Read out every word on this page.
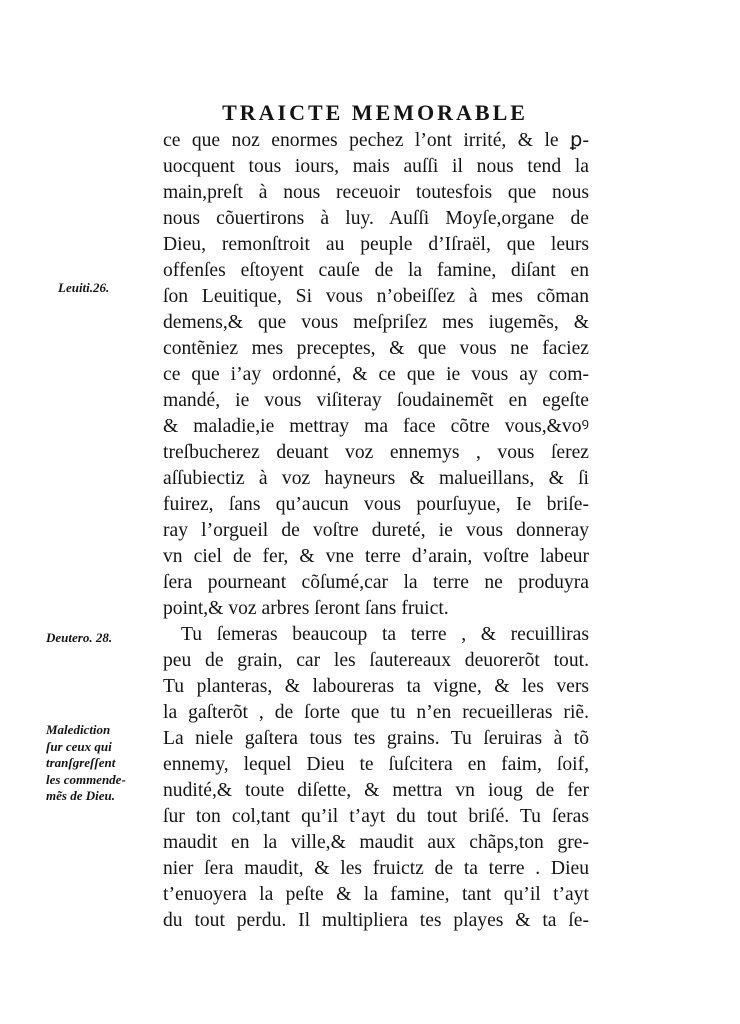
TRAICTE MEMORABLE
ce que noz enormes pechez l’ont irrité, & le ꝑ-
uocquent tous iours, mais auſſi il nous tend la
main,preſt à nous receuoir toutesfois que nous
nous cõuertirons à luy. Auſſi Moyſe,organe de
Dieu, remonſtroit au peuple d’Iſraël, que leurs
offenſes eſtoyent cauſe de la famine, diſant en
ſon Leuitique, Si vous n’obeiſſez à mes cõman
demens,& que vous meſpriſez mes iugemẽs, &
contẽniez mes preceptes, & que vous ne faciez
ce que i’ay ordonné, & ce que ie vous ay com-
mandé, ie vous viſiteray ſoudainemẽt en egeſte
& maladie,ie mettray ma face cõtre vous,&voꝰ
treſbucherez deuant voz ennemys , vous ſerez
aſſubiectiz à voz hayneurs & malueillans, & ſi
fuirez, ſans qu’aucun vous pourſuyue, Ie briſe-
ray l’orgueil de voſtre dureté, ie vous donneray
vn ciel de fer, & vne terre d’arain, voſtre labeur
ſera pourneant cõſumé,car la terre ne produyra
point,& voz arbres ſeront ſans fruict.
Tu ſemeras beaucoup ta terre , & recuilliras
peu de grain, car les ſautereaux deuorerõt tout.
Tu planteras, & laboureras ta vigne, & les vers
la gaſterõt , de ſorte que tu n’en recueilleras riẽ.
La niele gaſtera tous tes grains. Tu ſeruiras à tõ
ennemy, lequel Dieu te ſuſcitera en faim, ſoif,
nudité,& toute diſette, & mettra vn ioug de fer
ſur ton col,tant qu’il t’ayt du tout briſé. Tu ſeras
maudit en la ville,& maudit aux chãps,ton gre-
nier ſera maudit, & les fruictz de ta terre . Dieu
t’enuoyera la peſte & la famine, tant qu’il t’ayt
du tout perdu. Il multipliera tes playes & ta ſe-
Leuiti.26.
Deutero. 28.
Malediction
ſur ceux qui
tranſgreſſent
les commende-
mẽs de Dieu.
